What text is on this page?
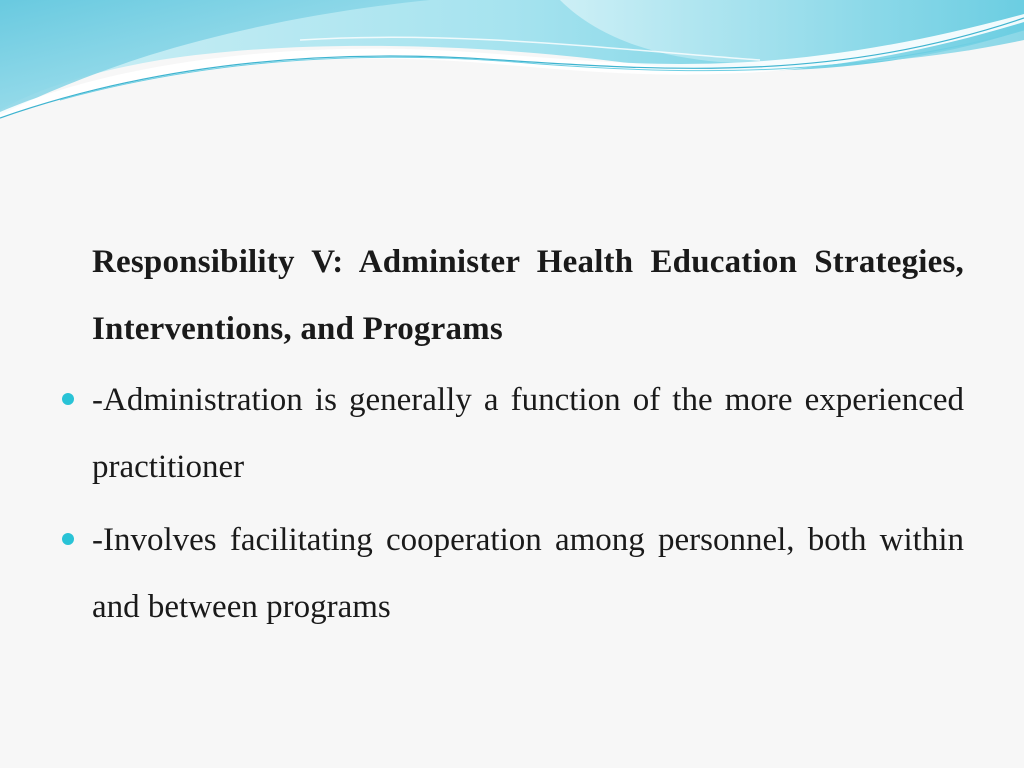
Responsibility V: Administer Health Education Strategies, Interventions, and Programs
-Administration is generally a function of the more experienced practitioner
-Involves facilitating cooperation among personnel, both within and between programs
